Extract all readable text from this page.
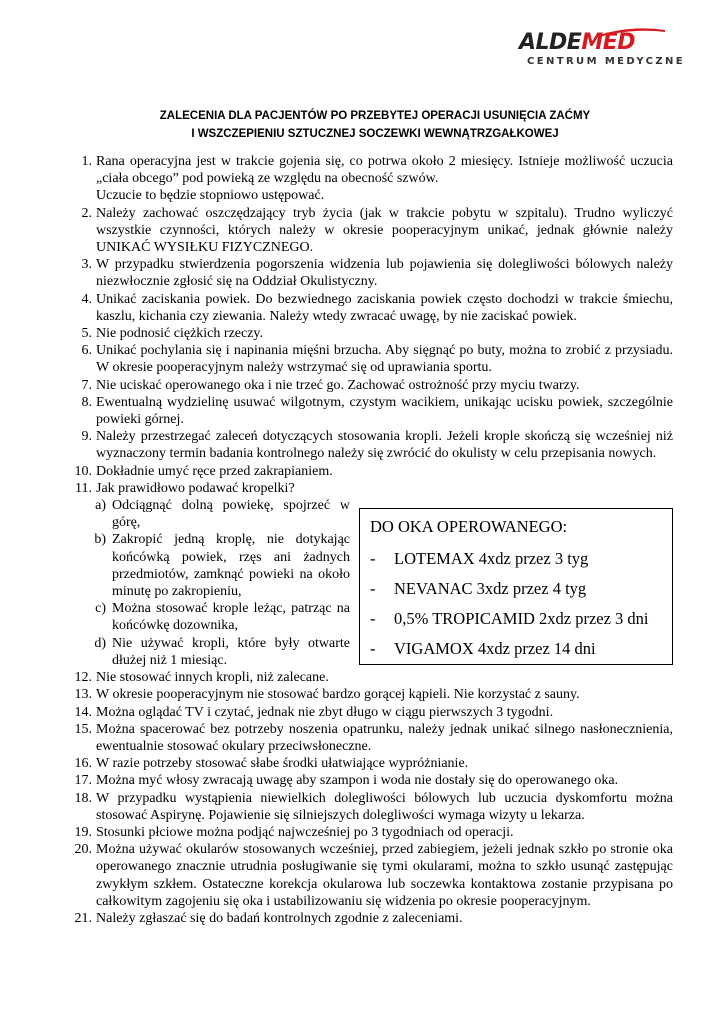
ALDEMED
CENTRUM MEDYCZNE
ZALECENIA DLA PACJENTÓW PO PRZEBYTEJ OPERACJI USUNIĘCIA ZAĆMY
I WSZCZEPIENIU SZTUCZNEJ SOCZEWKI WEWNĄTRZGAŁKOWEJ
1. Rana operacyjna jest w trakcie gojenia się, co potrwa około 2 miesięcy. Istnieje możliwość uczucia „ciała obcego” pod powieką ze względu na obecność szwów.

Uczucie to będzie stopniowo ustępować.

2. Należy zachować oszczędzający tryb życia (jak w trakcie pobytu w szpitalu). Trudno wyliczyć wszystkie czynności, których należy w okresie pooperacyjnym unikać, jednak głównie należy UNIKAĆ WYSIŁKU FIZYCZNEGO.

3. W przypadku stwierdzenia pogorszenia widzenia lub pojawienia się dolegliwości bólowych należy niezwłocznie zgłosić się na Oddział Okulistyczny.

4. Unikać zaciskania powiek. Do bezwiednego zaciskania powiek często dochodzi w trakcie śmiechu, kaszlu, kichania czy ziewania. Należy wtedy zwracać uwagę, by nie zaciskać powiek.

5. Nie podnosić ciężkich rzeczy.

6. Unikać pochylania się i napinania mięśni brzucha. Aby sięgnąć po buty, można to zrobić z przysiadu. W okresie pooperacyjnym należy wstrzymać się od uprawiania sportu.

7. Nie uciskać operowanego oka i nie trzeć go. Zachować ostrożność przy myciu twarzy.

8. Ewentualną wydzielinę usuwać wilgotnym, czystym wacikiem, unikając ucisku powiek, szczególnie powieki górnej.

9. Należy przestrzegać zaleceń dotyczących stosowania kropli. Jeżeli krople skończą się wcześniej niż wyznaczony termin badania kontrolnego należy się zwrócić do okulisty w celu przepisania nowych.

10. Dokładnie umyć ręce przed zakrapianiem.

11. Jak prawidłowo podawać kropelki?

a) Odciągnąć dolną powiekę, spojrzeć w górę,
b) Zakropić jedną kroplę, nie dotykając końcówką powiek, rzęs ani żadnych przedmiotów, zamknąć powieki na około minutę po zakropieniu,
c) Można stosować krople leżąc, patrząc na końcówkę dozownika,
d) Nie używać kropli, które były otwarte dłużej niż 1 miesiąc.
12. Nie stosować innych kropli, niż zalecane.

13. W okresie pooperacyjnym nie stosować bardzo gorącej kąpieli. Nie korzystać z sauny.

14. Można oglądać TV i czytać, jednak nie zbyt długo w ciągu pierwszych 3 tygodni.

15. Można spacerować bez potrzeby noszenia opatrunku, należy jednak unikać silnego nasłonecznienia, ewentualnie stosować okulary przeciwsłoneczne.

16. W razie potrzeby stosować słabe środki ułatwiające wypróżnianie.

17. Można myć włosy zwracają uwagę aby szampon i woda nie dostały się do operowanego oka.

18. W przypadku wystąpienia niewielkich dolegliwości bólowych lub uczucia dyskomfortu można stosować Aspirynę. Pojawienie się silniejszych dolegliwości wymaga wizyty u lekarza.

19. Stosunki płciowe można podjąć najwcześniej po 3 tygodniach od operacji.

20. Można używać okularów stosowanych wcześniej, przed zabiegiem, jeżeli jednak szkło po stronie oka operowanego znacznie utrudnia posługiwanie się tymi okularami, można to szkło usunąć zastępując zwykłym szkłem. Ostateczne korekcja okularowa lub soczewka kontaktowa zostanie przypisana po całkowitym zagojeniu się oka i ustabilizowaniu się widzenia po okresie pooperacyjnym.

21. Należy zgłaszać się do badań kontrolnych zgodnie z zaleceniami.

DO OKA OPEROWANEGO:
- LOTEMAX 4xdz przez 3 tyg
- NEVANAC 3xdz przez 4 tyg
- 0,5% TROPICAMID 2xdz przez 3 dni
- VIGAMOX 4xdz przez 14 dni
